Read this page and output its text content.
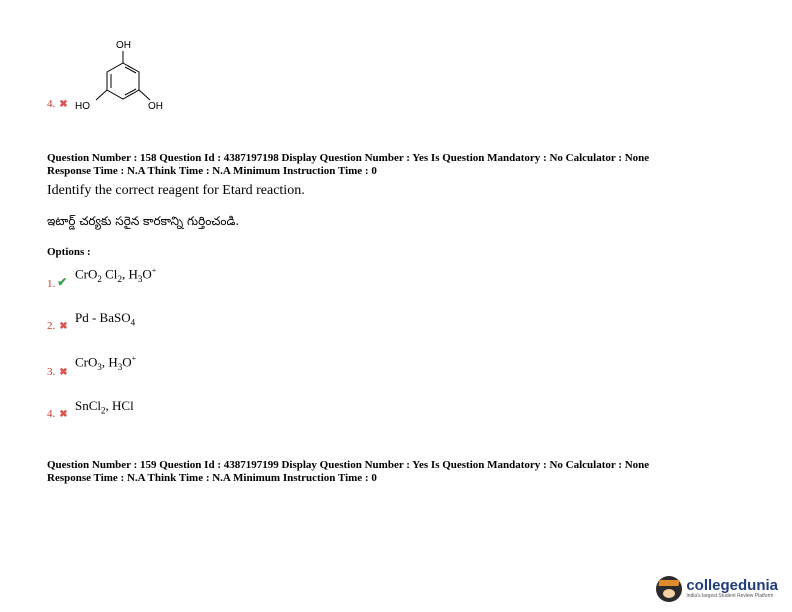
4. ✖
OH
HO	OH
Question Number : 158 Question Id : 4387197198 Display Question Number : Yes Is Question Mandatory : No Calculator : None
Response Time : N.A Think Time : N.A Minimum Instruction Time : 0
Identify the correct reagent for Etard reaction.
ఇటార్డ్ చర్యకు సరైన కారకాన్ని గుర్తించండి.
Options :
1. ✔
CrO$_2$ $Cl_2$, $H_3O^+$
2. ✖
Pd - BaSO$_4$
3. ✖
CrO$_3$, $H_3O^+$
4. ✖
SnCl$_2$, HCl
Question Number : 159 Question Id : 4387197199 Display Question Number : Yes Is Question Mandatory : No Calculator : None
Response Time : N.A Think Time : N.A Minimum Instruction Time : 0
collegedunia
India's largest Student Review Platform
